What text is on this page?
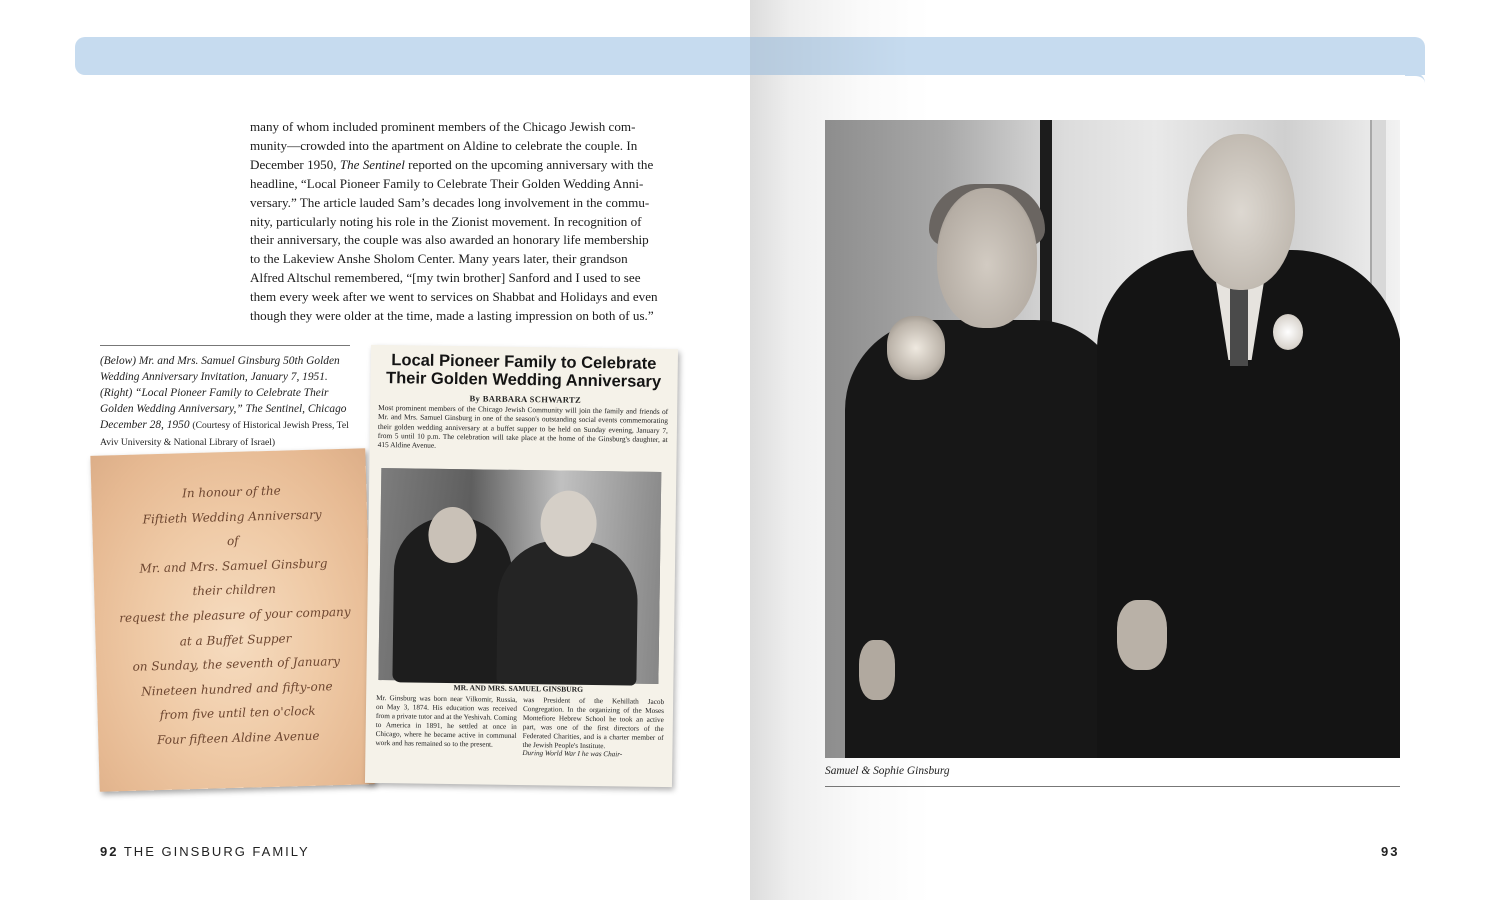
many of whom included prominent members of the Chicago Jewish com-
munity—crowded into the apartment on Aldine to celebrate the couple. In
December 1950, The Sentinel reported on the upcoming anniversary with the
headline, “Local Pioneer Family to Celebrate Their Golden Wedding Anni-
versary.” The article lauded Sam’s decades long involvement in the commu-
nity, particularly noting his role in the Zionist movement. In recognition of
their anniversary, the couple was also awarded an honorary life membership
to the Lakeview Anshe Sholom Center. Many years later, their grandson
Alfred Altschul remembered, “[my twin brother] Sanford and I used to see
them every week after we went to services on Shabbat and Holidays and even
though they were older at the time, made a lasting impression on both of us.”
(Below) Mr. and Mrs. Samuel Ginsburg 50th Golden Wedding Anniversary Invitation, January 7, 1951. (Right) “Local Pioneer Family to Celebrate Their Golden Wedding Anniversary,” The Sentinel, Chicago December 28, 1950 (Courtesy of Historical Jewish Press, Tel Aviv University & National Library of Israel)
In honour of the
Fiftieth Wedding Anniversary
of
Mr. and Mrs. Samuel Ginsburg
their children
request the pleasure of your company
at a Buffet Supper
on Sunday, the seventh of January
Nineteen hundred and fifty-one
from five until ten o'clock
Four fifteen Aldine Avenue
Local Pioneer Family to Celebrate
Their Golden Wedding Anniversary
By BARBARA SCHWARTZ
Most prominent members of the Chicago Jewish Community will join the family and friends of Mr. and Mrs. Samuel Ginsburg in one of the season's outstanding social events commemorating their golden wedding anniversary at a buffet supper to be held on Sunday evening, January 7, from 5 until 10 p.m. The celebration will take place at the home of the Ginsburg's daughter, at 415 Aldine Avenue.
MR. AND MRS. SAMUEL GINSBURG
Mr. Ginsburg was born near Vilkomir, Russia, on May 3, 1874. His education was received from a private tutor and at the Yeshivah. Coming to America in 1891, he settled at once in Chicago, where he became active in communal work and has remained so to the present.
was President of the Kehillath Jacob Congregation. In the organizing of the Moses Montefiore Hebrew School he took an active part, was one of the first directors of the Federated Charities, and is a charter member of the Jewish People's Institute.
During World War I he was Chair-
Samuel & Sophie Ginsburg
92 THE GINSBURG FAMILY	93
